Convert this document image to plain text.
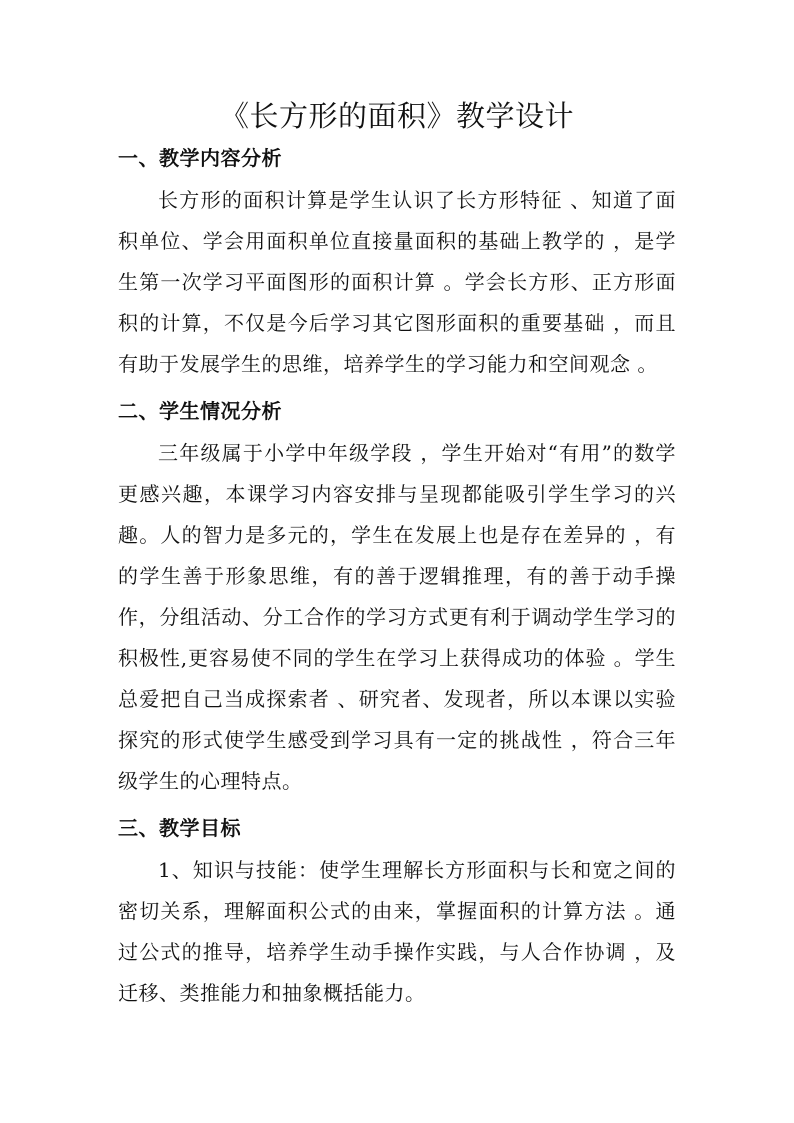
《长方形的面积》教学设计
一、教学内容分析

长方形的面积计算是学生认识了长方形特征 、知道了面积单位、学会用面积单位直接量面积的基础上教学的 ，是学生第一次学习平面图形的面积计算 。学会长方形、正方形面积的计算，不仅是今后学习其它图形面积的重要基础 ，而且有助于发展学生的思维，培养学生的学习能力和空间观念 。

二、学生情况分析

三年级属于小学中年级学段 ，学生开始对“有用”的数学更感兴趣，本课学习内容安排与呈现都能吸引学生学习的兴趣。人的智力是多元的，学生在发展上也是存在差异的 ，有的学生善于形象思维，有的善于逻辑推理，有的善于动手操作，分组活动、分工合作的学习方式更有利于调动学生学习的积极性,更容易使不同的学生在学习上获得成功的体验 。学生总爱把自己当成探索者 、研究者、发现者，所以本课以实验探究的形式使学生感受到学习具有一定的挑战性 ，符合三年级学生的心理特点。

三、教学目标

1、知识与技能：使学生理解长方形面积与长和宽之间的密切关系，理解面积公式的由来，掌握面积的计算方法 。通过公式的推导，培养学生动手操作实践，与人合作协调 ，及迁移、类推能力和抽象概括能力。
